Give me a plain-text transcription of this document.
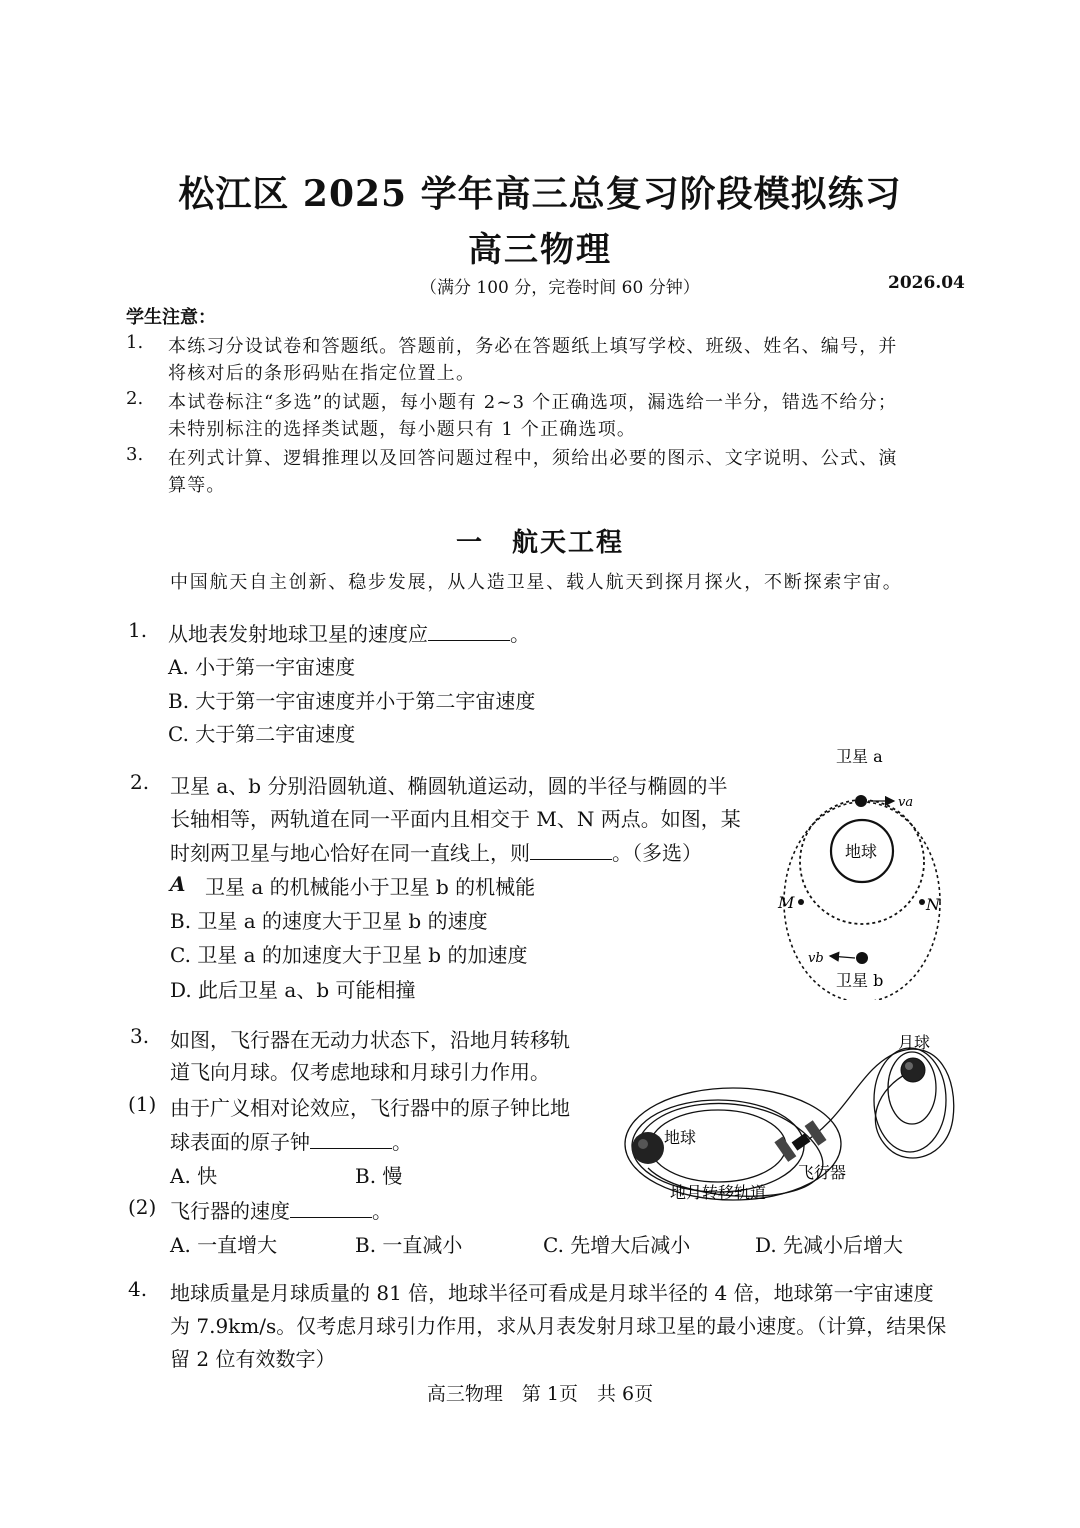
松江区 2025 学年高三总复习阶段模拟练习
高三物理
（满分 100 分，完卷时间 60 分钟）	2026.04
学生注意：
1. 本练习分设试卷和答题纸。答题前，务必在答题纸上填写学校、班级、姓名、编号，并
将核对后的条形码贴在指定位置上。
2. 本试卷标注“多选”的试题，每小题有 2~3 个正确选项，漏选给一半分，错选不给分；
未特别标注的选择类试题，每小题只有 1 个正确选项。
3. 在列式计算、逻辑推理以及回答问题过程中，须给出必要的图示、文字说明、公式、演
算等。
一　航天工程
中国航天自主创新、稳步发展，从人造卫星、载人航天到探月探火，不断探索宇宙。
1. 从地表发射地球卫星的速度应	。
A. 小于第一宇宙速度
B. 大于第一宇宙速度并小于第二宇宙速度
C. 大于第二宇宙速度
2. 卫星 a、b 分别沿圆轨道、椭圆轨道运动，圆的半径与椭圆的半
长轴相等，两轨道在同一平面内且相交于 M、N 两点。如图，某
时刻两卫星与地心恰好在同一直线上，则	。（多选）
A 卫星 a 的机械能小于卫星 b 的机械能
B. 卫星 a 的速度大于卫星 b 的速度
C. 卫星 a 的加速度大于卫星 b 的加速度
D. 此后卫星 a、b 可能相撞
地球
va
卫星 a
M	N
vb
卫星 b
3. 如图，飞行器在无动力状态下，沿地月转移轨
道飞向月球。仅考虑地球和月球引力作用。
(1) 由于广义相对论效应，飞行器中的原子钟比地
球表面的原子钟	。
A. 快	B. 慢
(2) 飞行器的速度	。
A. 一直增大	B. 一直减小	C. 先增大后减小	D. 先减小后增大
月球
地球
飞行器
地月转移轨道
4. 地球质量是月球质量的 81 倍，地球半径可看成是月球半径的 4 倍，地球第一宇宙速度
为 7.9km/s。仅考虑月球引力作用，求从月表发射月球卫星的最小速度。（计算，结果保
留 2 位有效数字）
高三物理　第 1页　共 6页
